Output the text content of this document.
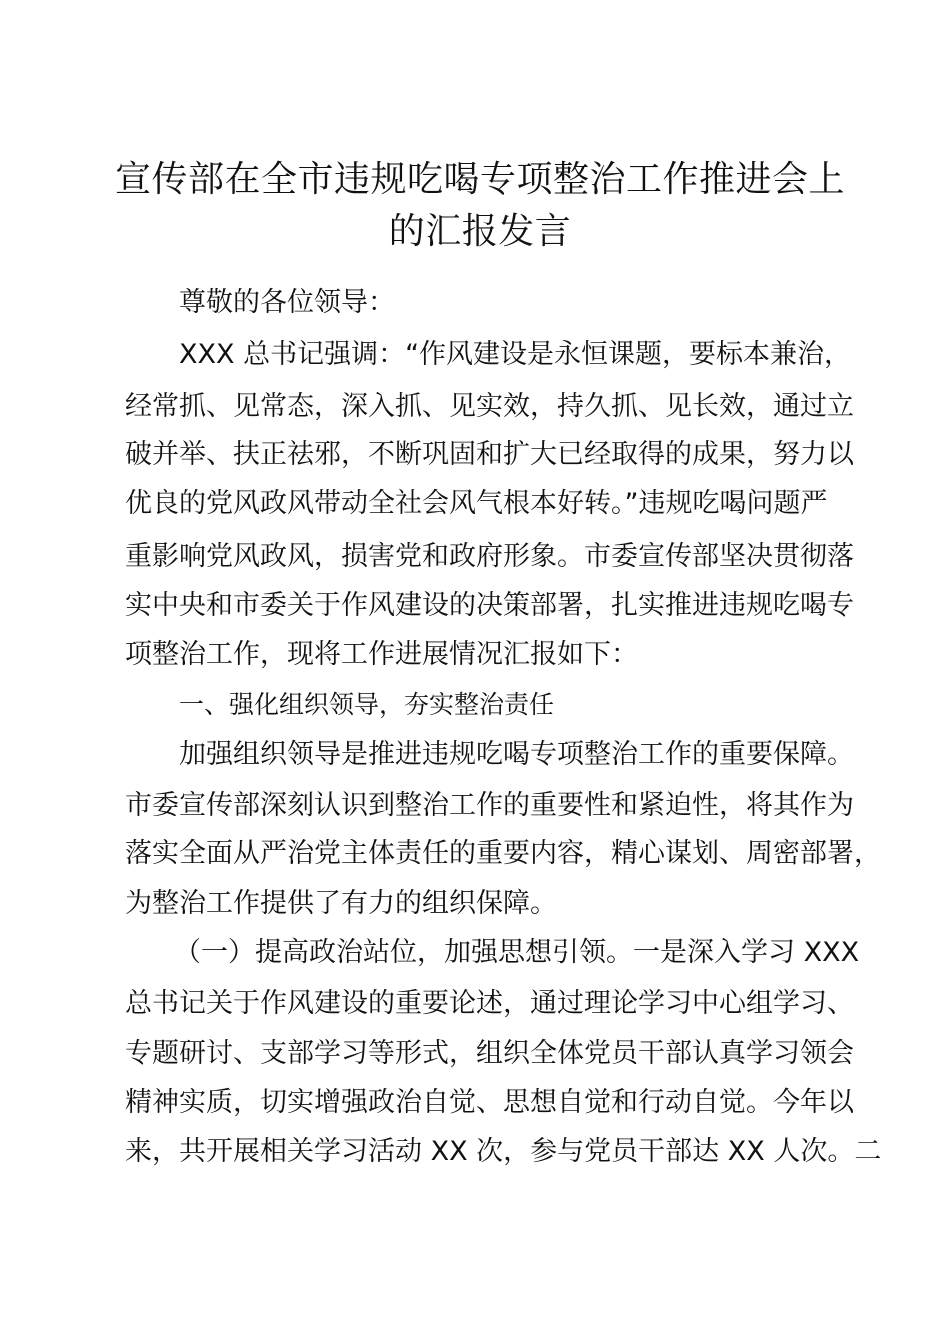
宣传部在全市违规吃喝专项整治工作推进会上
的汇报发言
尊敬的各位领导：
XXX 总书记强调：“作风建设是永恒课题，要标本兼治，
经常抓、见常态，深入抓、见实效，持久抓、见长效，通过立
破并举、扶正祛邪，不断巩固和扩大已经取得的成果，努力以
优良的党风政风带动全社会风气根本好转。”违规吃喝问题严
重影响党风政风，损害党和政府形象。市委宣传部坚决贯彻落
实中央和市委关于作风建设的决策部署，扎实推进违规吃喝专
项整治工作，现将工作进展情况汇报如下：
一、强化组织领导，夯实整治责任
加强组织领导是推进违规吃喝专项整治工作的重要保障。
市委宣传部深刻认识到整治工作的重要性和紧迫性，将其作为
落实全面从严治党主体责任的重要内容，精心谋划、周密部署，
为整治工作提供了有力的组织保障。
（一）提高政治站位，加强思想引领。一是深入学习 XXX
总书记关于作风建设的重要论述，通过理论学习中心组学习、
专题研讨、支部学习等形式，组织全体党员干部认真学习领会
精神实质，切实增强政治自觉、思想自觉和行动自觉。今年以
来，共开展相关学习活动 XX 次，参与党员干部达 XX 人次。二
